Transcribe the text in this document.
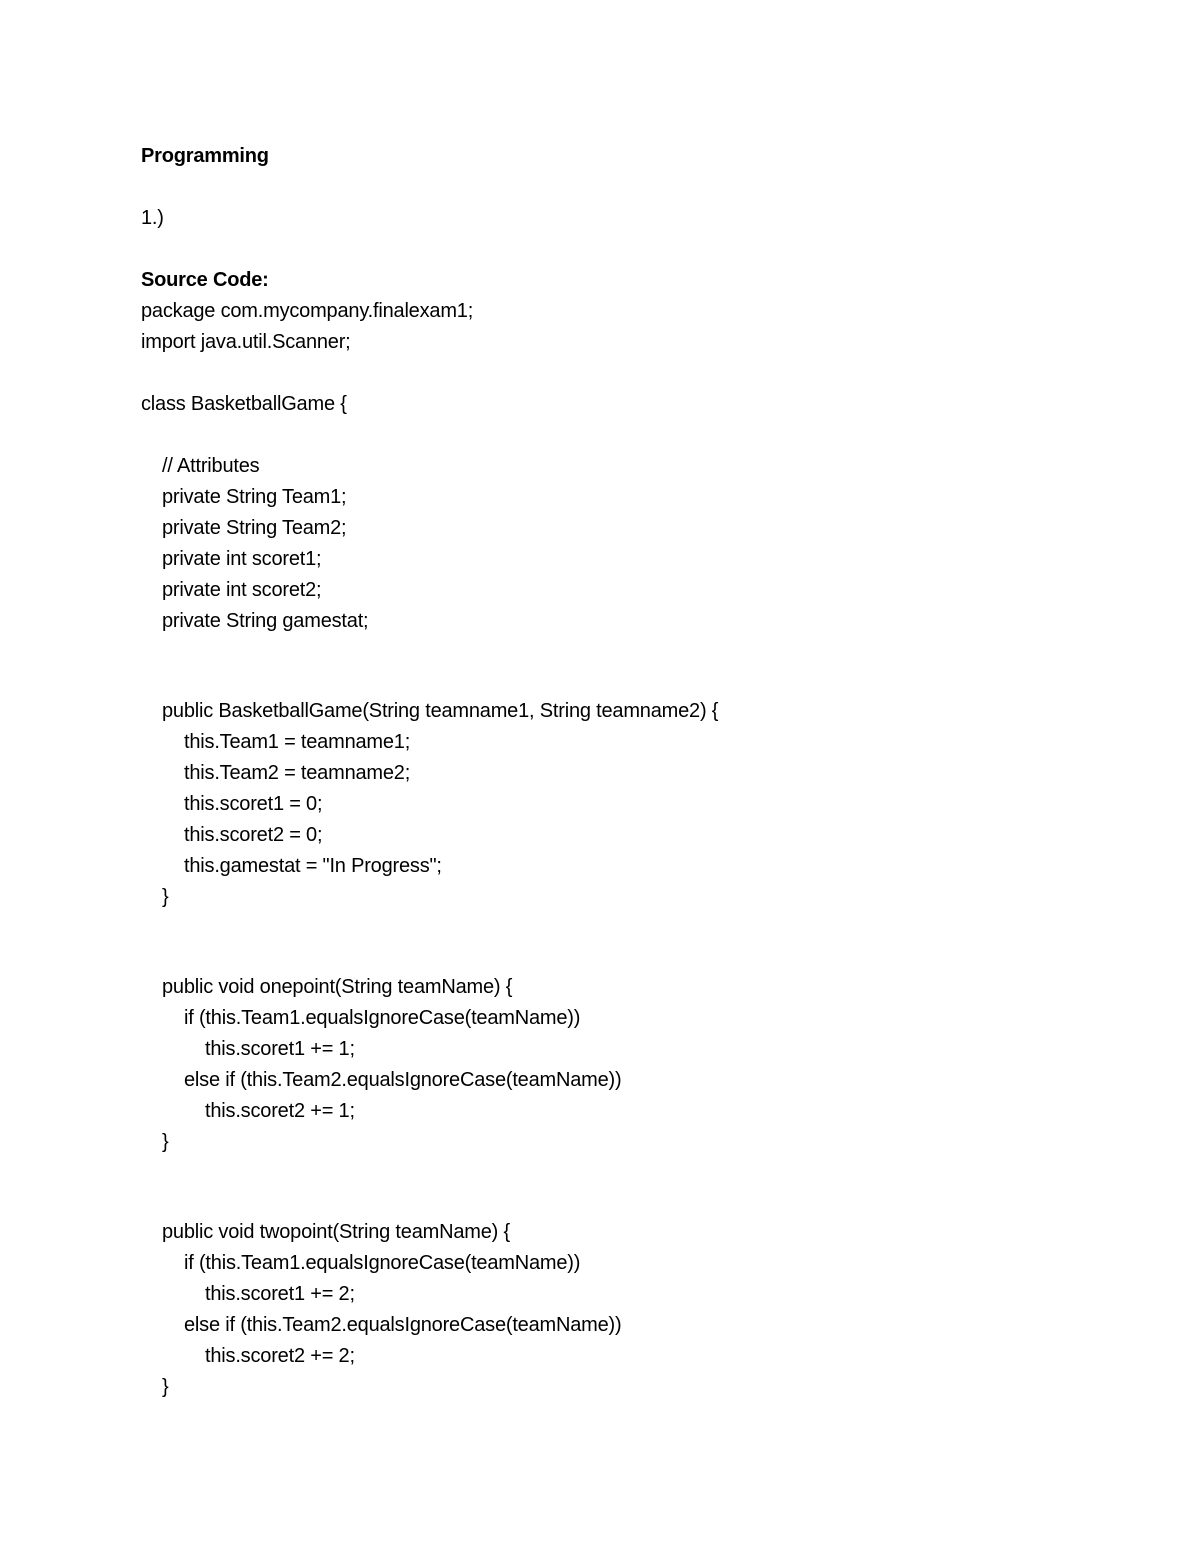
Programming
1.)
Source Code:
package com.mycompany.finalexam1;
import java.util.Scanner;
class BasketballGame {
// Attributes
private String Team1;
private String Team2;
private int scoret1;
private int scoret2;
private String gamestat;
public BasketballGame(String teamname1, String teamname2) {
this.Team1 = teamname1;
this.Team2 = teamname2;
this.scoret1 = 0;
this.scoret2 = 0;
this.gamestat = "In Progress";
}
public void onepoint(String teamName) {
if (this.Team1.equalsIgnoreCase(teamName))
this.scoret1 += 1;
else if (this.Team2.equalsIgnoreCase(teamName))
this.scoret2 += 1;
}
public void twopoint(String teamName) {
if (this.Team1.equalsIgnoreCase(teamName))
this.scoret1 += 2;
else if (this.Team2.equalsIgnoreCase(teamName))
this.scoret2 += 2;
}
